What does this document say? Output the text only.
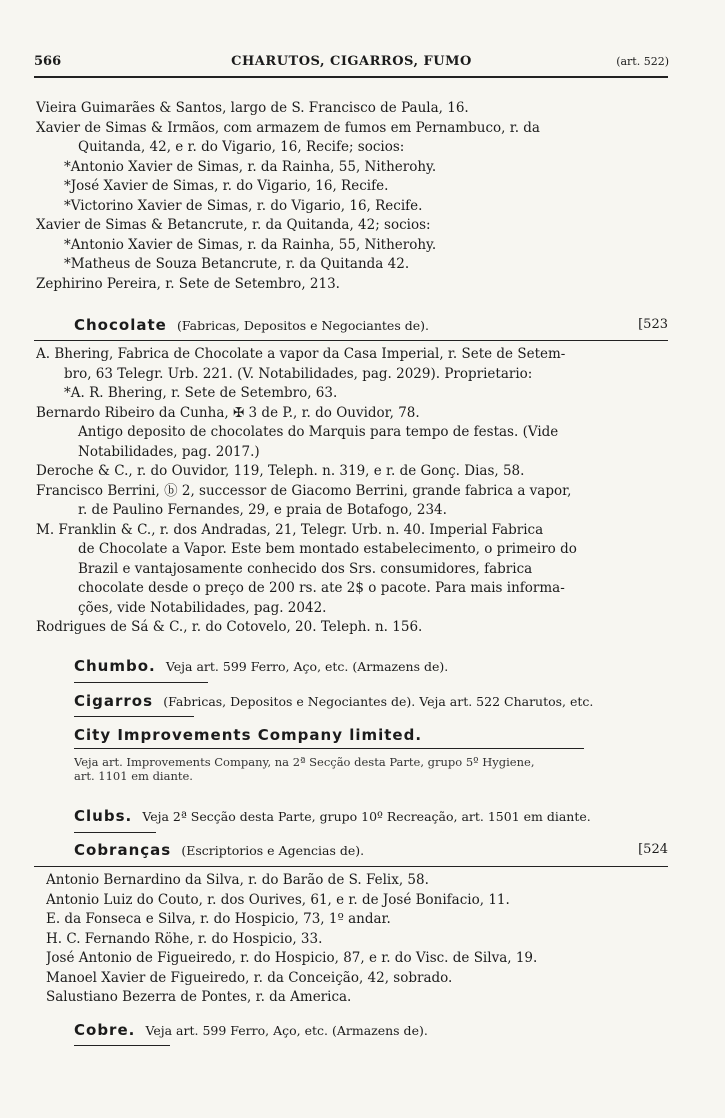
566	CHARUTOS, CIGARROS, FUMO	(art. 522)
Vieira Guimarães & Santos, largo de S. Francisco de Paula, 16.
Xavier de Simas & Irmãos, com armazem de fumos em Pernambuco, r. da
Quitanda, 42, e r. do Vigario, 16, Recife; socios:
*Antonio Xavier de Simas, r. da Rainha, 55, Nitherohy.
*José Xavier de Simas, r. do Vigario, 16, Recife.
*Victorino Xavier de Simas, r. do Vigario, 16, Recife.
Xavier de Simas & Betancrute, r. da Quitanda, 42; socios:
*Antonio Xavier de Simas, r. da Rainha, 55, Nitherohy.
*Matheus de Souza Betancrute, r. da Quitanda 42.
Zephirino Pereira, r. Sete de Setembro, 213.
Chocolate (Fabricas, Depositos e Negociantes de).	[523
A. Bhering, Fabrica de Chocolate a vapor da Casa Imperial, r. Sete de Setem-
bro, 63 Telegr. Urb. 221. (V. Notabilidades, pag. 2029). Proprietario:
*A. R. Bhering, r. Sete de Setembro, 63.
Bernardo Ribeiro da Cunha, ✠ 3 de P., r. do Ouvidor, 78.
Antigo deposito de chocolates do Marquis para tempo de festas. (Vide
Notabilidades, pag. 2017.)
Deroche & C., r. do Ouvidor, 119, Teleph. n. 319, e r. de Gonç. Dias, 58.
Francisco Berrini, ⓑ 2, successor de Giacomo Berrini, grande fabrica a vapor,
r. de Paulino Fernandes, 29, e praia de Botafogo, 234.
M. Franklin & C., r. dos Andradas, 21, Telegr. Urb. n. 40. Imperial Fabrica
de Chocolate a Vapor. Este bem montado estabelecimento, o primeiro do
Brazil e vantajosamente conhecido dos Srs. consumidores, fabrica
chocolate desde o preço de 200 rs. ate 2$ o pacote. Para mais informa-
ções, vide Notabilidades, pag. 2042.
Rodrigues de Sá & C., r. do Cotovelo, 20. Teleph. n. 156.
Chumbo. Veja art. 599 Ferro, Aço, etc. (Armazens de).
Cigarros (Fabricas, Depositos e Negociantes de). Veja art. 522 Charutos, etc.
City Improvements Company limited.
Veja art. Improvements Company, na 2ª Secção desta Parte, grupo 5º Hygiene,
art. 1101 em diante.
Clubs. Veja 2ª Secção desta Parte, grupo 10º Recreação, art. 1501 em diante.
Cobranças (Escriptorios e Agencias de).	[524
Antonio Bernardino da Silva, r. do Barão de S. Felix, 58.
Antonio Luiz do Couto, r. dos Ourives, 61, e r. de José Bonifacio, 11.
E. da Fonseca e Silva, r. do Hospicio, 73, 1º andar.
H. C. Fernando Röhe, r. do Hospicio, 33.
José Antonio de Figueiredo, r. do Hospicio, 87, e r. do Visc. de Silva, 19.
Manoel Xavier de Figueiredo, r. da Conceição, 42, sobrado.
Salustiano Bezerra de Pontes, r. da America.
Cobre. Veja art. 599 Ferro, Aço, etc. (Armazens de).
